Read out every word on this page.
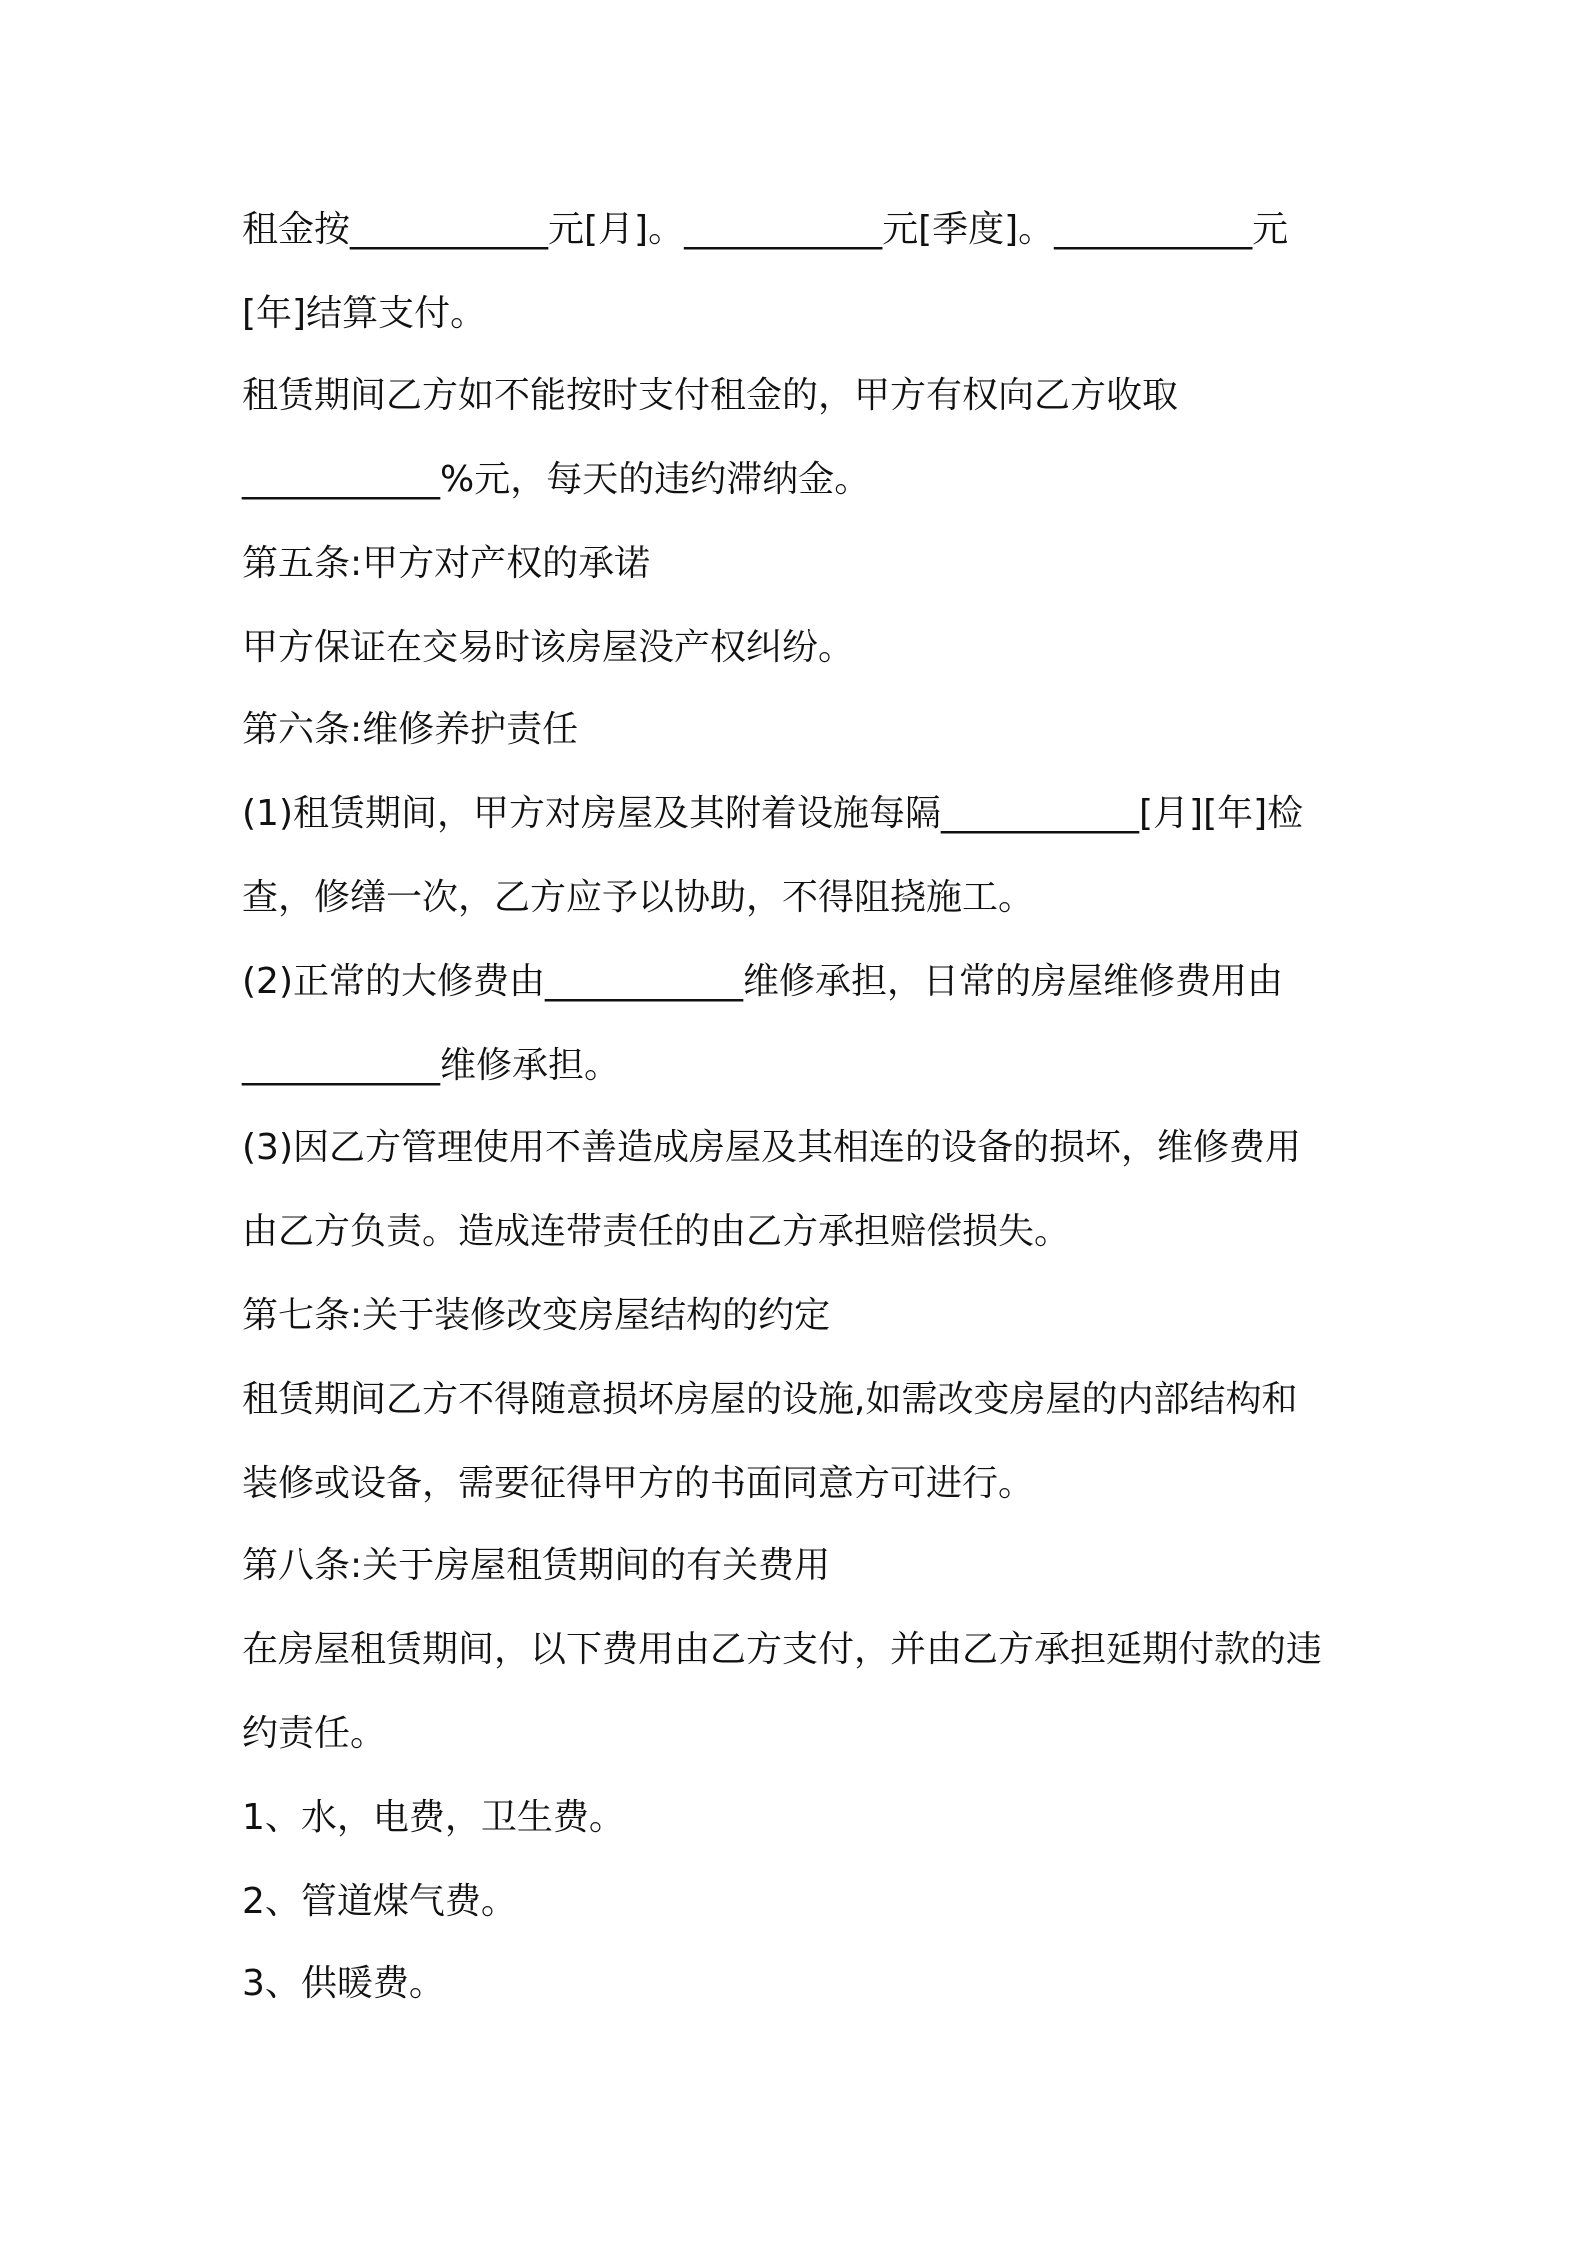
租金按___________元[月]。___________元[季度]。___________元
[年]结算支付。
租赁期间乙方如不能按时支付租金的，甲方有权向乙方收取
___________%元，每天的违约滞纳金。
第五条:甲方对产权的承诺
甲方保证在交易时该房屋没产权纠纷。
第六条:维修养护责任
(1)租赁期间，甲方对房屋及其附着设施每隔___________[月][年]检
查，修缮一次，乙方应予以协助，不得阻挠施工。
(2)正常的大修费由___________维修承担，日常的房屋维修费用由
___________维修承担。
(3)因乙方管理使用不善造成房屋及其相连的设备的损坏，维修费用
由乙方负责。造成连带责任的由乙方承担赔偿损失。
第七条:关于装修改变房屋结构的约定
租赁期间乙方不得随意损坏房屋的设施,如需改变房屋的内部结构和
装修或设备，需要征得甲方的书面同意方可进行。
第八条:关于房屋租赁期间的有关费用
在房屋租赁期间，以下费用由乙方支付，并由乙方承担延期付款的违
约责任。
1、水，电费，卫生费。
2、管道煤气费。
3、供暖费。
